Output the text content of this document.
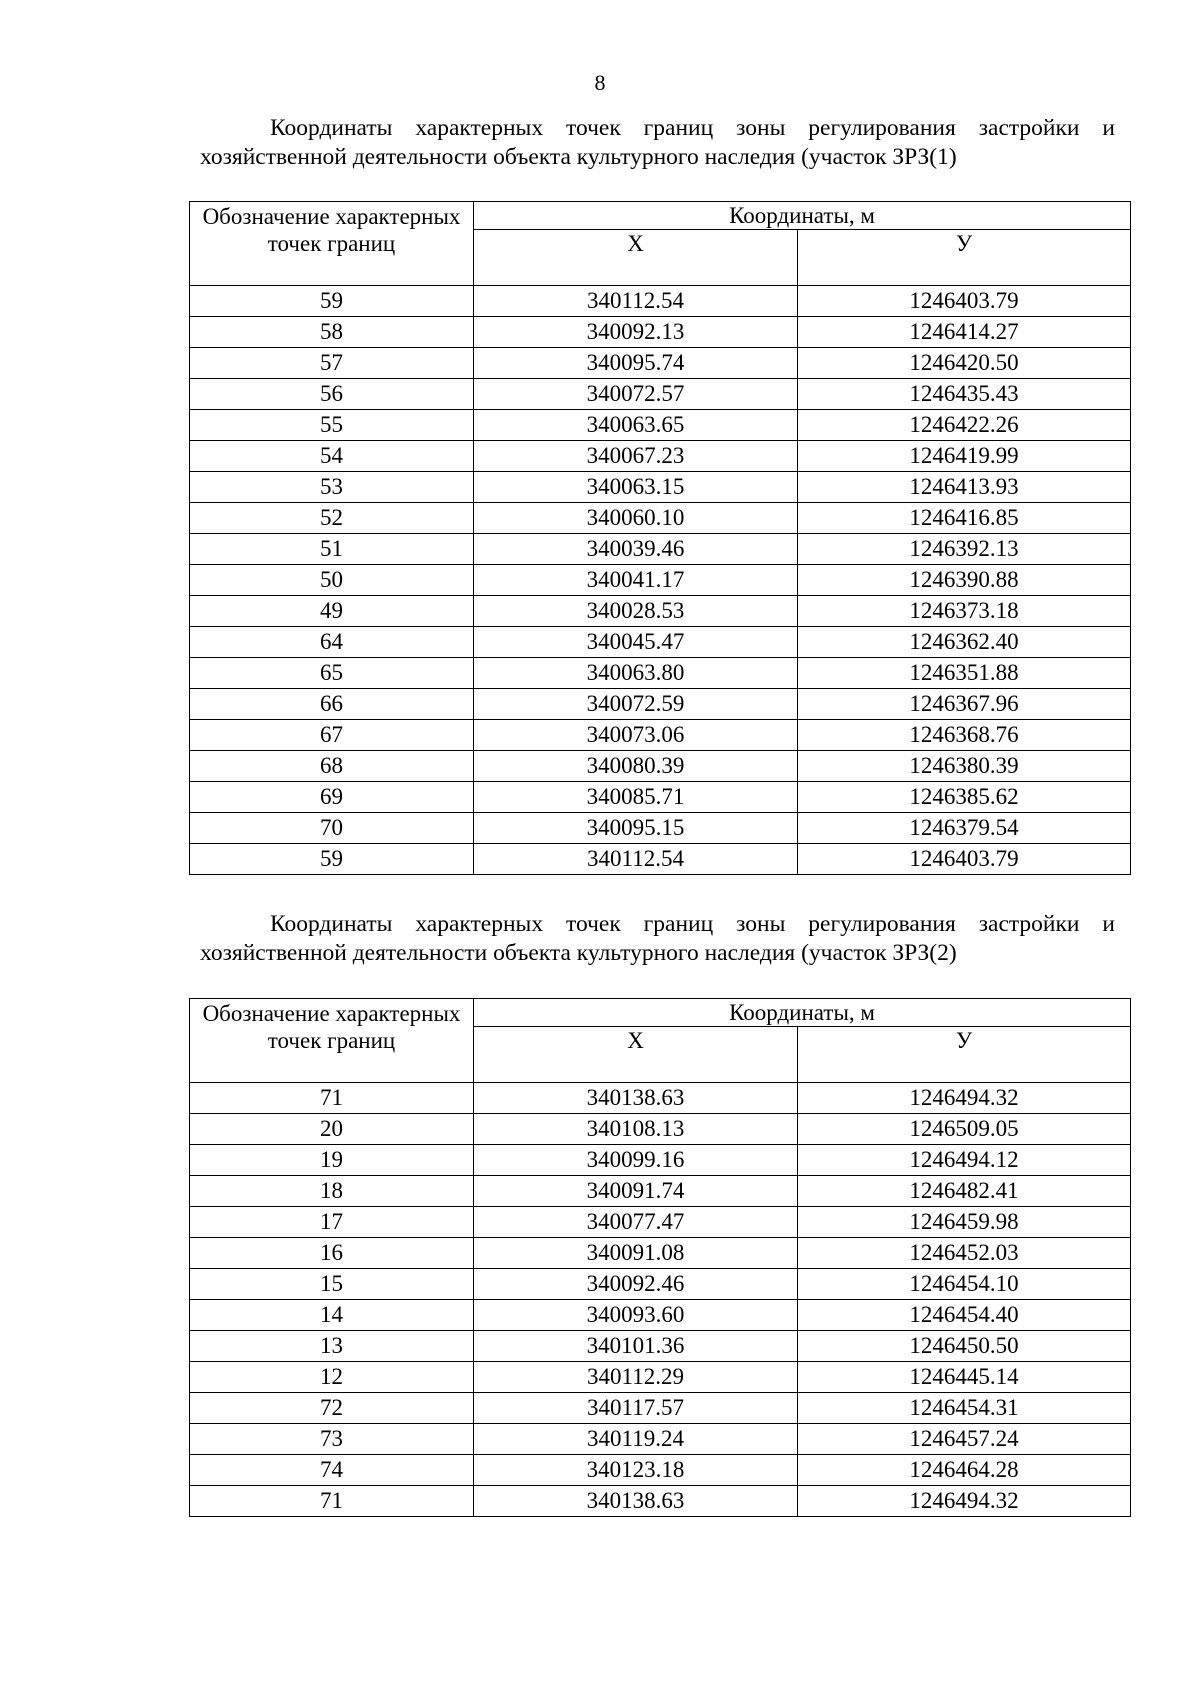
8

Координаты характерных точек границ зоны регулирования застройки и хозяйственной деятельности объекта культурного наследия (участок ЗРЗ(1)

Обозначение характерных точек границ	Координаты, м	
	Х	У
59	340112.54	1246403.79
58	340092.13	1246414.27
57	340095.74	1246420.50
56	340072.57	1246435.43
55	340063.65	1246422.26
54	340067.23	1246419.99
53	340063.15	1246413.93
52	340060.10	1246416.85
51	340039.46	1246392.13
50	340041.17	1246390.88
49	340028.53	1246373.18
64	340045.47	1246362.40
65	340063.80	1246351.88
66	340072.59	1246367.96
67	340073.06	1246368.76
68	340080.39	1246380.39
69	340085.71	1246385.62
70	340095.15	1246379.54
59	340112.54	1246403.79

Координаты характерных точек границ зоны регулирования застройки и хозяйственной деятельности объекта культурного наследия (участок ЗРЗ(2)

Обозначение характерных точек границ	Координаты, м	
	Х	У
71	340138.63	1246494.32
20	340108.13	1246509.05
19	340099.16	1246494.12
18	340091.74	1246482.41
17	340077.47	1246459.98
16	340091.08	1246452.03
15	340092.46	1246454.10
14	340093.60	1246454.40
13	340101.36	1246450.50
12	340112.29	1246445.14
72	340117.57	1246454.31
73	340119.24	1246457.24
74	340123.18	1246464.28
71	340138.63	1246494.32
